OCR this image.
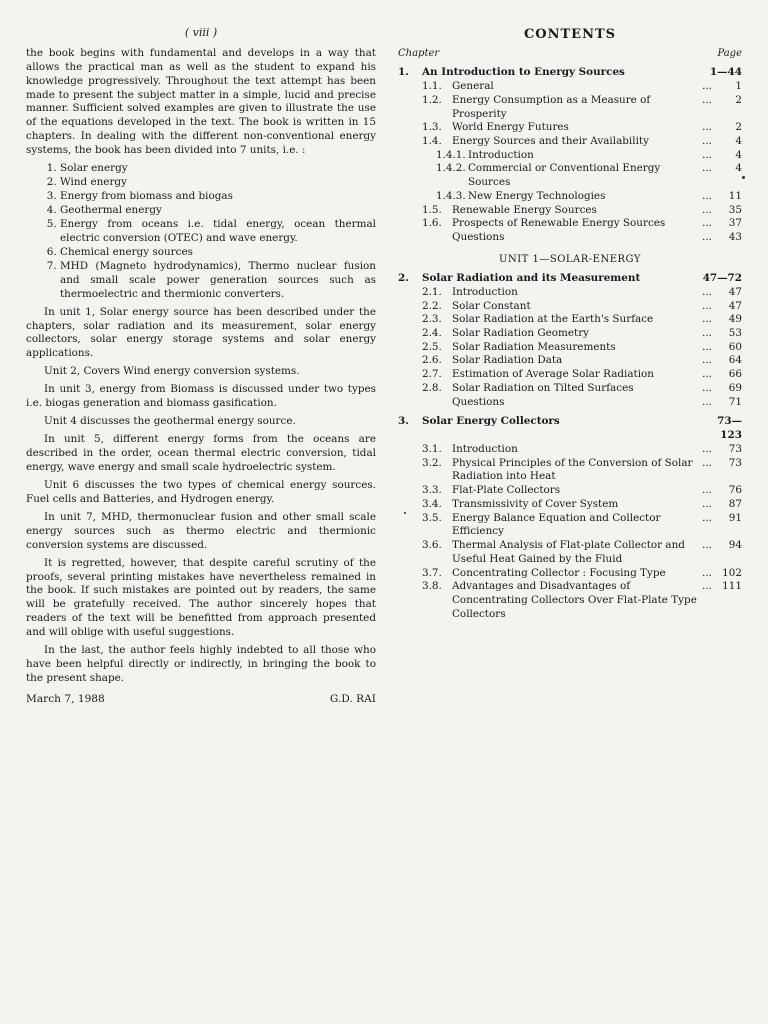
( viii )

the book begins with fundamental and develops in a way that allows the practical man as well as the student to expand his knowledge progressively. Throughout the text attempt has been made to present the subject matter in a simple, lucid and precise manner. Sufficient solved examples are given to illustrate the use of the equations developed in the text. The book is written in 15 chapters. In dealing with the different non-conventional energy systems, the book has been divided into 7 units, i.e. :

1. Solar energy
2. Wind energy
3. Energy from biomass and biogas
4. Geothermal energy
5. Energy from oceans i.e. tidal energy, ocean thermal electric conversion (OTEC) and wave energy.
6. Chemical energy sources
7. MHD (Magneto hydrodynamics), Thermo nuclear fusion and small scale power generation sources such as thermoelectric and thermionic converters.

In unit 1, Solar energy source has been described under the chapters, solar radiation and its measurement, solar energy collectors, solar energy storage systems and solar energy applications.

Unit 2, Covers Wind energy conversion systems.

In unit 3, energy from Biomass is discussed under two types i.e. biogas generation and biomass gasification.

Unit 4 discusses the geothermal energy source.

In unit 5, different energy forms from the oceans are described in the order, ocean thermal electric conversion, tidal energy, wave energy and small scale hydroelectric system.

Unit 6 discusses the two types of chemical energy sources. Fuel cells and Batteries, and Hydrogen energy.

In unit 7, MHD, thermonuclear fusion and other small scale energy sources such as thermo electric and thermionic conversion systems are discussed.

It is regretted, however, that despite careful scrutiny of the proofs, several printing mistakes have nevertheless remained in the book. If such mistakes are pointed out by readers, the same will be gratefully received. The author sincerely hopes that readers of the text will be benefitted from approach presented and will oblige with useful suggestions.

In the last, the author feels highly indebted to all those who have been helpful directly or indirectly, in bringing the book to the present shape.

March 7, 1988	G.D. RAI
CONTENTS
Chapter	Page
1.	An Introduction to Energy Sources	1—44
1.1. General	...	1
1.2. Energy Consumption as a Measure of Prosperity
...	2
1.3. World Energy Futures	...	2
1.4. Energy Sources and their Availability	...	4
1.4.1. Introduction	...	4
1.4.2. Commercial or Conventional Energy Sources
...	4
1.4.3. New Energy Technologies	...	11
1.5. Renewable Energy Sources	...	35
1.6. Prospects of Renewable Energy Sources	...	37
Questions	...	43
UNIT 1—SOLAR-ENERGY
2.	Solar Radiation and its Measurement	47—72
2.1. Introduction	...	47
2.2. Solar Constant	...	47
2.3. Solar Radiation at the Earth's Surface	...	49
2.4. Solar Radiation Geometry	...	53
2.5. Solar Radiation Measurements	...	60
2.6. Solar Radiation Data	...	64
2.7. Estimation of Average Solar Radiation	...	66
2.8. Solar Radiation on Tilted Surfaces	...	69
Questions	...	71
3.	Solar Energy Collectors	73—123
3.1. Introduction	...	73
3.2. Physical Principles of the Conversion of Solar Radiation into Heat
...	73
3.3. Flat-Plate Collectors	...	76
3.4. Transmissivity of Cover System	...	87
3.5. Energy Balance Equation and Collector Efficiency
...	91
3.6. Thermal Analysis of Flat-plate Collector and Useful Heat Gained by the Fluid
...	94
3.7. Concentrating Collector : Focusing Type	... 102
3.8. Advantages and Disadvantages of Concentrating Collectors Over Flat-Plate Type Collectors
... 111
